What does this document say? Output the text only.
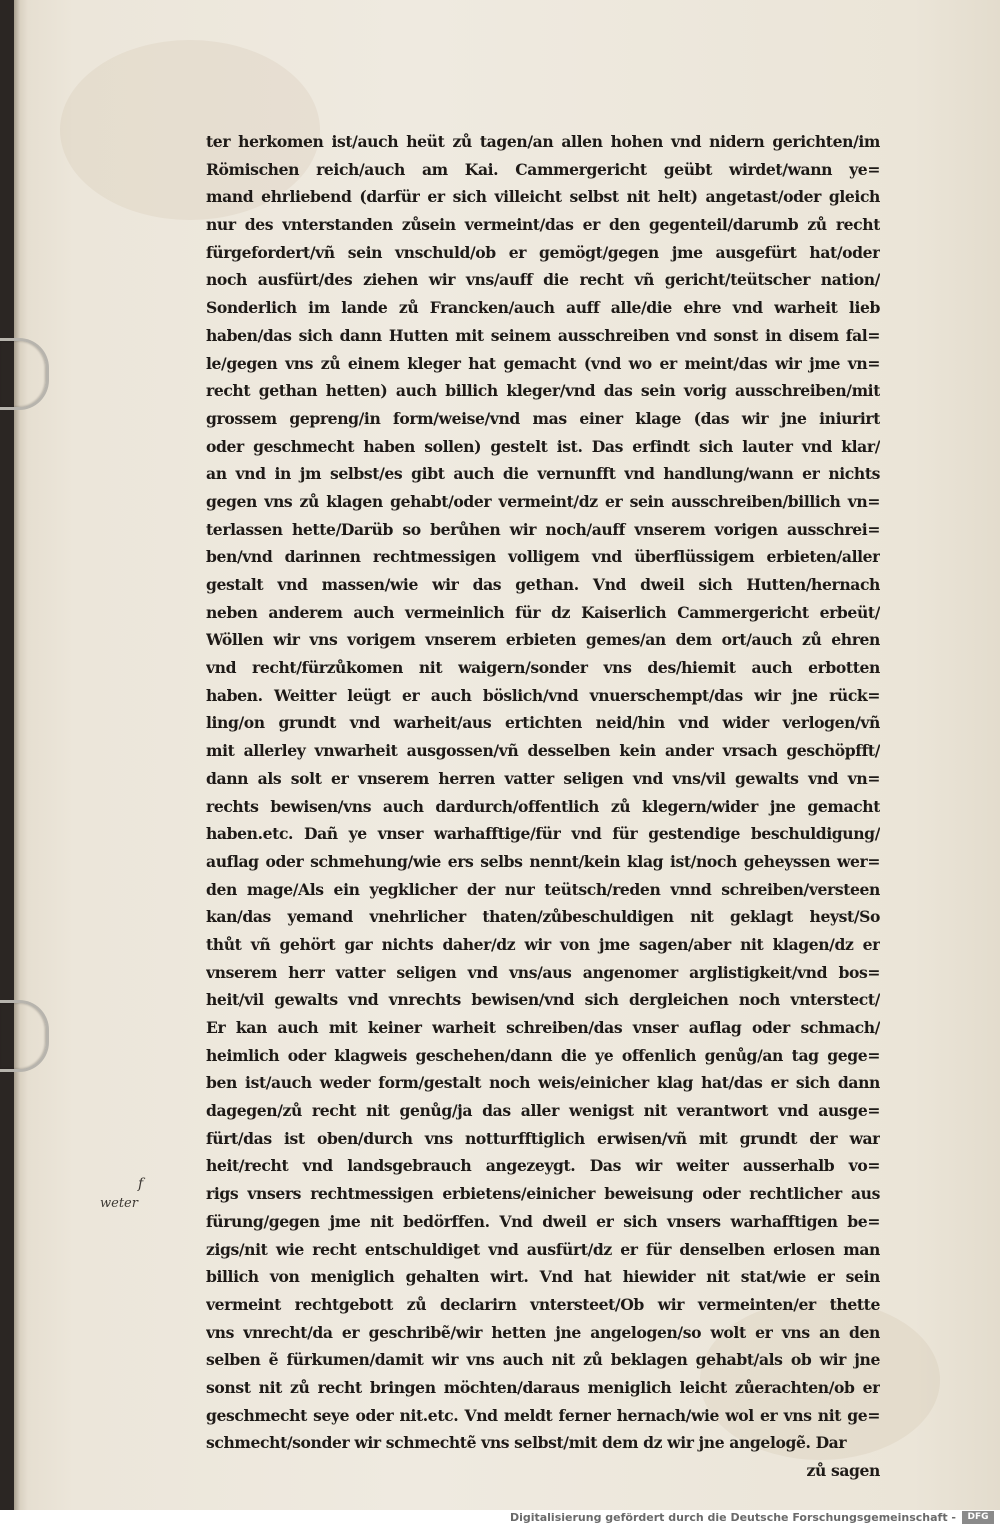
ter herkomen ist/auch heüt zů tagen/an allen hohen vnd nidern gerichten/im
Römischen reich/auch am Kai. Cammergericht geübt wirdet/wann ye=
mand ehrliebend (darfür er sich villeicht selbst nit helt) angetast/oder gleich
nur des vnterstanden zůsein vermeint/das er den gegenteil/darumb zů recht
fürgefordert/vñ sein vnschuld/ob er gemögt/gegen jme ausgefürt hat/oder
noch ausfürt/des ziehen wir vns/auff die recht vñ gericht/teütscher nation/
Sonderlich im lande zů Francken/auch auff alle/die ehre vnd warheit lieb
haben/das sich dann Hutten mit seinem ausschreiben vnd sonst in disem fal=
le/gegen vns zů einem kleger hat gemacht (vnd wo er meint/das wir jme vn=
recht gethan hetten) auch billich kleger/vnd das sein vorig ausschreiben/mit
grossem gepreng/in form/weise/vnd mas einer klage (das wir jne iniurirt
oder geschmecht haben sollen) gestelt ist. Das erfindt sich lauter vnd klar/
an vnd in jm selbst/es gibt auch die vernunfft vnd handlung/wann er nichts
gegen vns zů klagen gehabt/oder vermeint/dz er sein ausschreiben/billich vn=
terlassen hette/Darüb so berůhen wir noch/auff vnserem vorigen ausschrei=
ben/vnd darinnen rechtmessigen volligem vnd überflüssigem erbieten/aller
gestalt vnd massen/wie wir das gethan. Vnd dweil sich Hutten/hernach
neben anderem auch vermeinlich für dz Kaiserlich Cammergericht erbeüt/
Wöllen wir vns vorigem vnserem erbieten gemes/an dem ort/auch zů ehren
vnd recht/fürzůkomen nit waigern/sonder vns des/hiemit auch erbotten
haben. Weitter leügt er auch böslich/vnd vnuerschempt/das wir jne rück=
ling/on grundt vnd warheit/aus ertichten neid/hin vnd wider verlogen/vñ
mit allerley vnwarheit ausgossen/vñ desselben kein ander vrsach geschöpfft/
dann als solt er vnserem herren vatter seligen vnd vns/vil gewalts vnd vn=
rechts bewisen/vns auch dardurch/offentlich zů klegern/wider jne gemacht
haben.etc. Dañ ye vnser warhafftige/für vnd für gestendige beschuldigung/
auflag oder schmehung/wie ers selbs nennt/kein klag ist/noch geheyssen wer=
den mage/Als ein yegklicher der nur teütsch/reden vnnd schreiben/versteen
kan/das yemand vnehrlicher thaten/zůbeschuldigen nit geklagt heyst/So
thůt vñ gehört gar nichts daher/dz wir von jme sagen/aber nit klagen/dz er
vnserem herr vatter seligen vnd vns/aus angenomer arglistigkeit/vnd bos=
heit/vil gewalts vnd vnrechts bewisen/vnd sich dergleichen noch vnterstect/
Er kan auch mit keiner warheit schreiben/das vnser auflag oder schmach/
heimlich oder klagweis geschehen/dann die ye offenlich genůg/an tag gege=
ben ist/auch weder form/gestalt noch weis/einicher klag hat/das er sich dann
dagegen/zů recht nit genůg/ja das aller wenigst nit verantwort vnd ausge=
fürt/das ist oben/durch vns notturfftiglich erwisen/vñ mit grundt der war
heit/recht vnd landsgebrauch angezeygt. Das wir weiter ausserhalb vo=
rigs vnsers rechtmessigen erbietens/einicher beweisung oder rechtlicher aus
fürung/gegen jme nit bedörffen. Vnd dweil er sich vnsers warhafftigen be=
zigs/nit wie recht entschuldiget vnd ausfürt/dz er für denselben erlosen man
billich von meniglich gehalten wirt. Vnd hat hiewider nit stat/wie er sein
vermeint rechtgebott zů declarirn vntersteet/Ob wir vermeinten/er thette
vns vnrecht/da er geschribẽ/wir hetten jne angelogen/so wolt er vns an den
selben ẽ fürkumen/damit wir vns auch nit zů beklagen gehabt/als ob wir jne
sonst nit zů recht bringen möchten/daraus meniglich leicht zůerachten/ob er
geschmecht seye oder nit.etc. Vnd meldt ferner hernach/wie wol er vns nit ge=
schmecht/sonder wir schmechtẽ vns selbst/mit dem dz wir jne angelogẽ. Dar
zů sagen
f
weter
Digitalisierung gefördert durch die Deutsche Forschungsgemeinschaft -	DFG
